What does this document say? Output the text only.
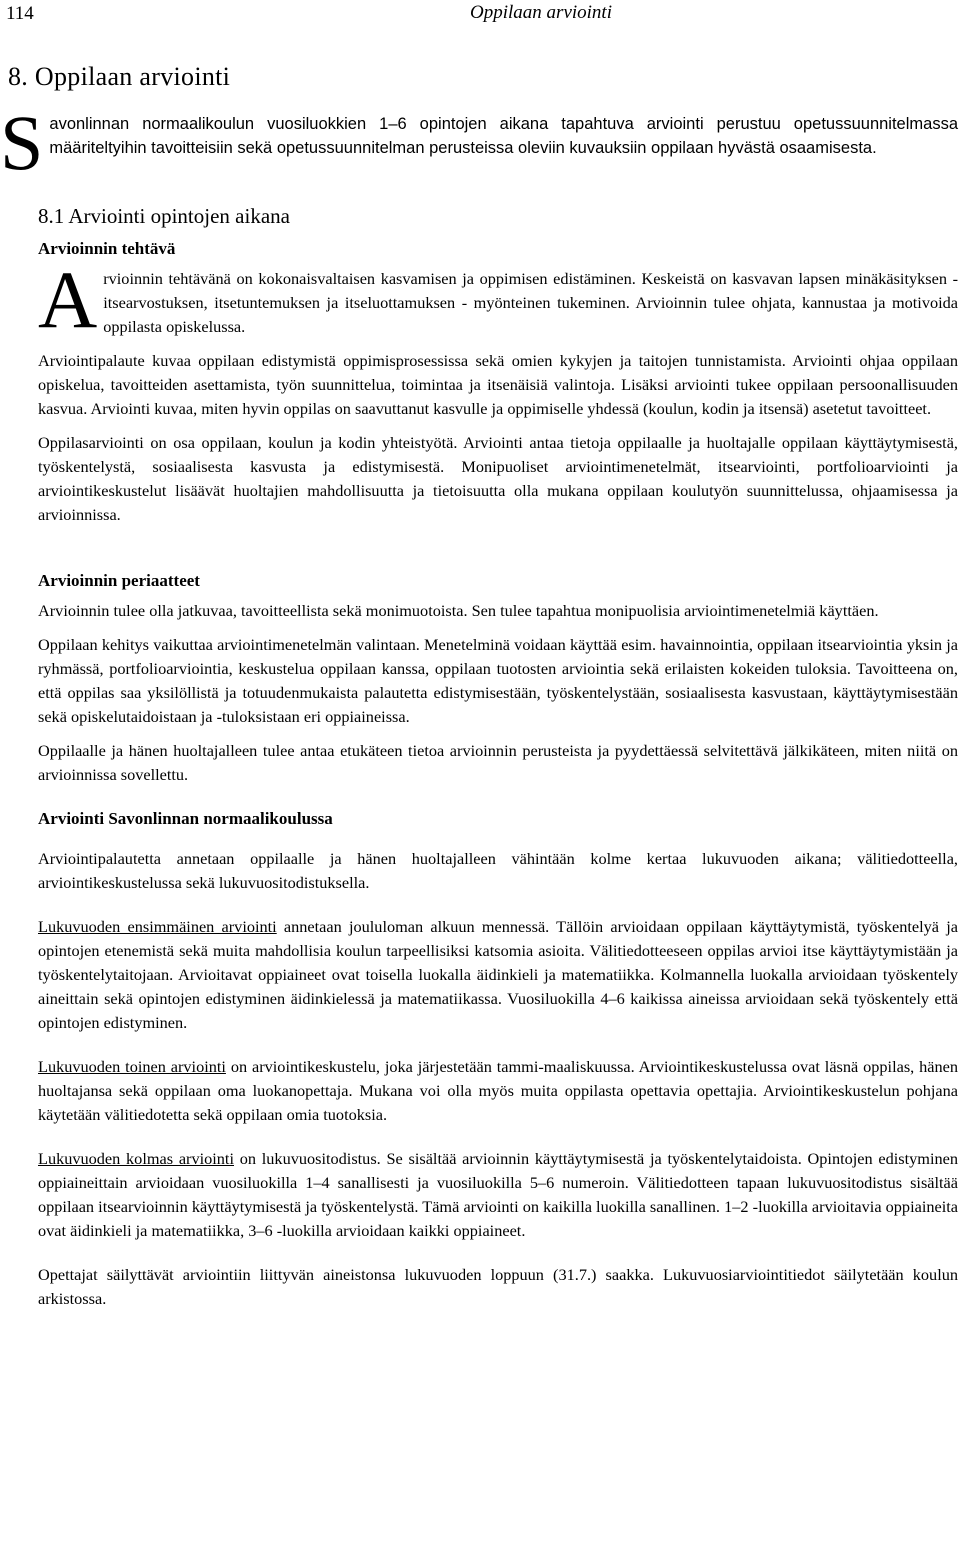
114	Oppilaan arviointi
8. Oppilaan arviointi

Savonlinnan normaalikoulun vuosiluokkien 1–6 opintojen aikana tapahtuva arviointi perustuu opetussuunnitelmassa määriteltyihin tavoitteisiin sekä opetussuunnitelman perusteissa oleviin kuvauksiin oppilaan hyvästä osaamisesta.

8.1 Arviointi opintojen aikana
Arvioinnin tehtävä

Arvioinnin tehtävänä on kokonaisvaltaisen kasvamisen ja oppimisen edistäminen. Keskeistä on kasvavan lapsen minäkäsityksen - itsearvostuksen, itsetuntemuksen ja itseluottamuksen - myönteinen tukeminen. Arvioinnin tulee ohjata, kannustaa ja motivoida oppilasta opiskelussa.

Arviointipalaute kuvaa oppilaan edistymistä oppimisprosessissa sekä omien kykyjen ja taitojen tunnistamista. Arviointi ohjaa oppilaan opiskelua, tavoitteiden asettamista, työn suunnittelua, toimintaa ja itsenäisiä valintoja. Lisäksi arviointi tukee oppilaan persoonallisuuden kasvua. Arviointi kuvaa, miten hyvin oppilas on saavuttanut kasvulle ja oppimiselle yhdessä (koulun, kodin ja itsensä) asetetut tavoitteet.

Oppilasarviointi on osa oppilaan, koulun ja kodin yhteistyötä. Arviointi antaa tietoja oppilaalle ja huoltajalle oppilaan käyttäytymisestä, työskentelystä, sosiaalisesta kasvusta ja edistymisestä. Monipuoliset arviointimenetelmät, itsearviointi, portfolioarviointi ja arviointikeskustelut lisäävät huoltajien mahdollisuutta ja tietoisuutta olla mukana oppilaan koulutyön suunnittelussa, ohjaamisessa ja arvioinnissa.

Arvioinnin periaatteet

Arvioinnin tulee olla jatkuvaa, tavoitteellista sekä monimuotoista. Sen tulee tapahtua monipuolisia arviointimenetelmiä käyttäen.

Oppilaan kehitys vaikuttaa arviointimenetelmän valintaan. Menetelminä voidaan käyttää esim. havainnointia, oppilaan itsearviointia yksin ja ryhmässä, portfolioarviointia, keskustelua oppilaan kanssa, oppilaan tuotosten arviointia sekä erilaisten kokeiden tuloksia. Tavoitteena on, että oppilas saa yksilöllistä ja totuudenmukaista palautetta edistymisestään, työskentelystään, sosiaalisesta kasvustaan, käyttäytymisestään sekä opiskelutaidoistaan ja -tuloksistaan eri oppiaineissa.

Oppilaalle ja hänen huoltajalleen tulee antaa etukäteen tietoa arvioinnin perusteista ja pyydettäessä selvitettävä jälkikäteen, miten niitä on arvioinnissa sovellettu.

Arviointi Savonlinnan normaalikoulussa

Arviointipalautetta annetaan oppilaalle ja hänen huoltajalleen vähintään kolme kertaa lukuvuoden aikana; välitiedotteella, arviointikeskustelussa sekä lukuvuositodistuksella.

Lukuvuoden ensimmäinen arviointi annetaan joululoman alkuun mennessä. Tällöin arvioidaan oppilaan käyttäytymistä, työskentelyä ja opintojen etenemistä sekä muita mahdollisia koulun tarpeellisiksi katsomia asioita. Välitiedotteeseen oppilas arvioi itse käyttäytymistään ja työskentelytaitojaan. Arvioitavat oppiaineet ovat toisella luokalla äidinkieli ja matematiikka. Kolmannella luokalla arvioidaan työskentely aineittain sekä opintojen edistyminen äidinkielessä ja matematiikassa. Vuosiluokilla 4–6 kaikissa aineissa arvioidaan sekä työskentely että opintojen edistyminen.

Lukuvuoden toinen arviointi on arviointikeskustelu, joka järjestetään tammi-maaliskuussa. Arviointikeskustelussa ovat läsnä oppilas, hänen huoltajansa sekä oppilaan oma luokanopettaja. Mukana voi olla myös muita oppilasta opettavia opettajia. Arviointikeskustelun pohjana käytetään välitiedotetta sekä oppilaan omia tuotoksia.

Lukuvuoden kolmas arviointi on lukuvuositodistus. Se sisältää arvioinnin käyttäytymisestä ja työskentelytaidoista. Opintojen edistyminen oppiaineittain arvioidaan vuosiluokilla 1–4 sanallisesti ja vuosiluokilla 5–6 numeroin. Välitiedotteen tapaan lukuvuositodistus sisältää oppilaan itsearvioinnin käyttäytymisestä ja työskentelystä. Tämä arviointi on kaikilla luokilla sanallinen. 1–2 -luokilla arvioitavia oppiaineita ovat äidinkieli ja matematiikka, 3–6 -luokilla arvioidaan kaikki oppiaineet.

Opettajat säilyttävät arviointiin liittyvän aineistonsa lukuvuoden loppuun (31.7.) saakka. Lukuvuosiarviointitiedot säilytetään koulun arkistossa.
